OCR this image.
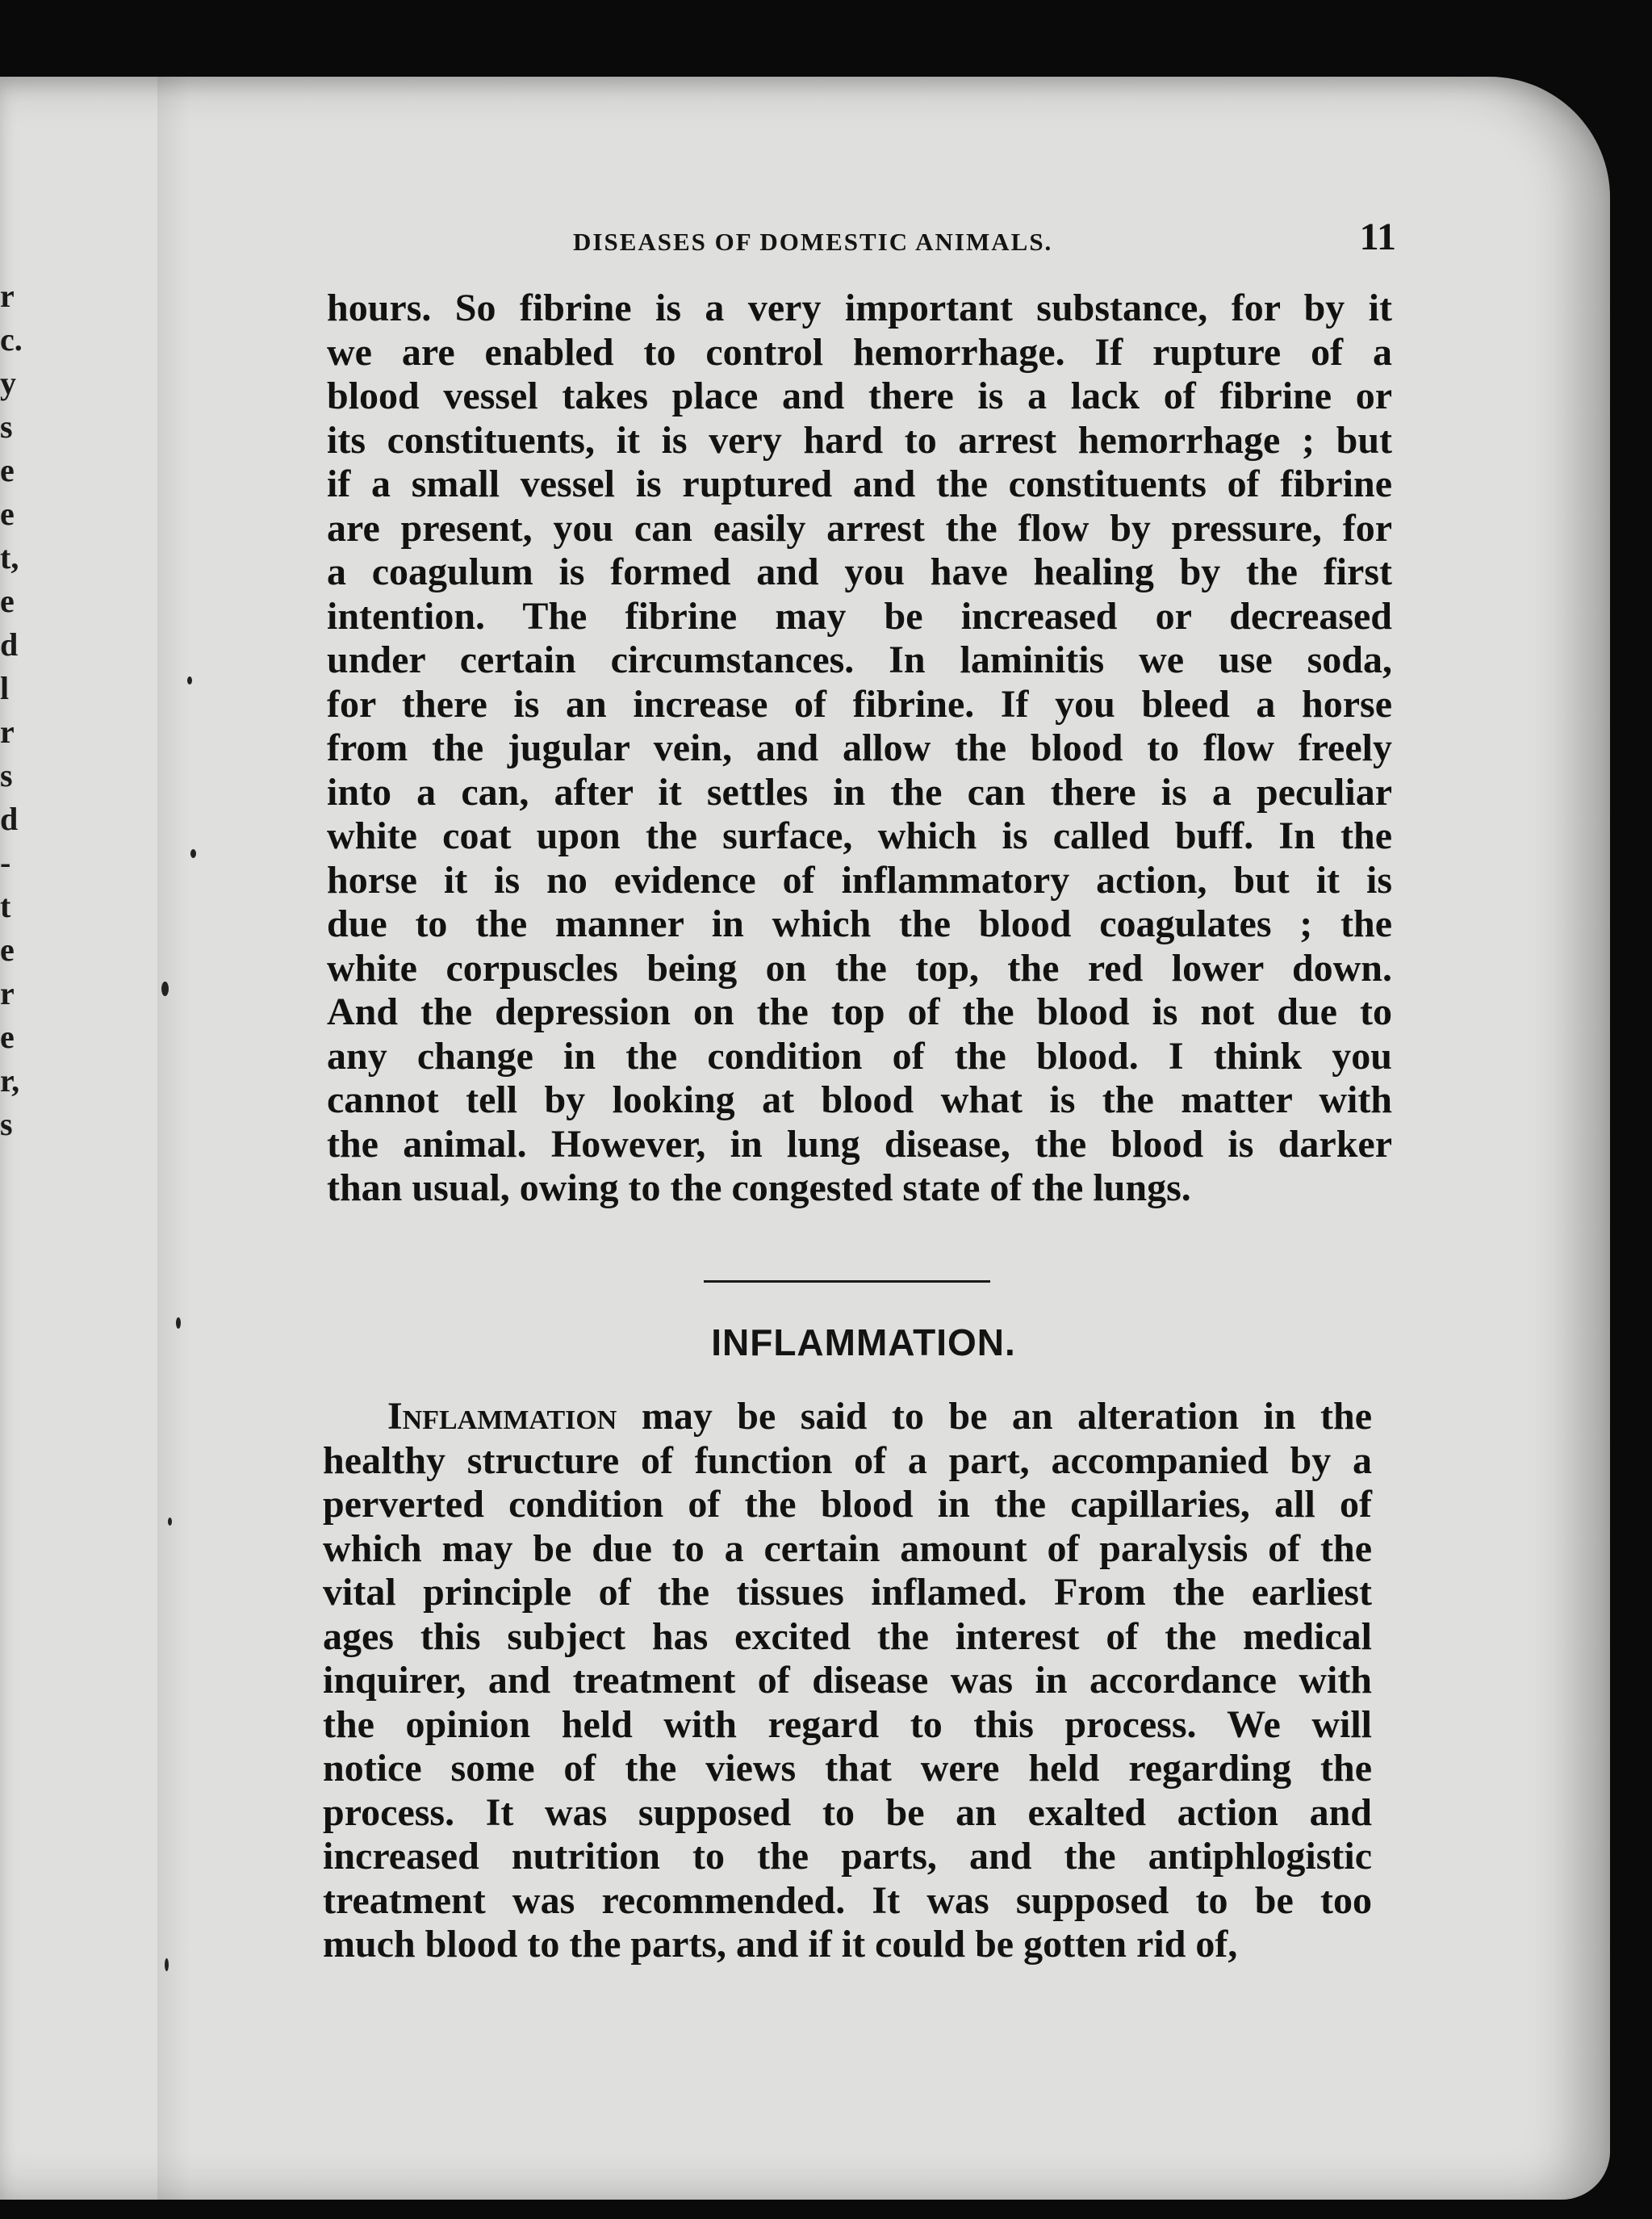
r
c.
y
s
e
e
t,
e
d
l
r
s
d
-
t
e
r
e
r,
s
DISEASES OF DOMESTIC ANIMALS.	11
hours. So fibrine is a very important substance, for by it
we are enabled to control hemorrhage. If rupture of a
blood vessel takes place and there is a lack of fibrine or
its constituents, it is very hard to arrest hemorrhage ; but
if a small vessel is ruptured and the constituents of fibrine
are present, you can easily arrest the flow by pressure, for
a coagulum is formed and you have healing by the first
intention. The fibrine may be increased or decreased
under certain circumstances. In laminitis we use soda,
for there is an increase of fibrine. If you bleed a horse
from the jugular vein, and allow the blood to flow freely
into a can, after it settles in the can there is a peculiar
white coat upon the surface, which is called buff. In the
horse it is no evidence of inflammatory action, but it is
due to the manner in which the blood coagulates ; the
white corpuscles being on the top, the red lower down.
And the depression on the top of the blood is not due to
any change in the condition of the blood. I think you
cannot tell by looking at blood what is the matter with
the animal. However, in lung disease, the blood is darker
than usual, owing to the congested state of the lungs.
INFLAMMATION.
Inflammation may be said to be an alteration in the
healthy structure of function of a part, accompanied by a
perverted condition of the blood in the capillaries, all of
which may be due to a certain amount of paralysis of the
vital principle of the tissues inflamed. From the earliest
ages this subject has excited the interest of the medical
inquirer, and treatment of disease was in accordance with
the opinion held with regard to this process. We will
notice some of the views that were held regarding the
process. It was supposed to be an exalted action and
increased nutrition to the parts, and the antiphlogistic
treatment was recommended. It was supposed to be too
much blood to the parts, and if it could be gotten rid of,
